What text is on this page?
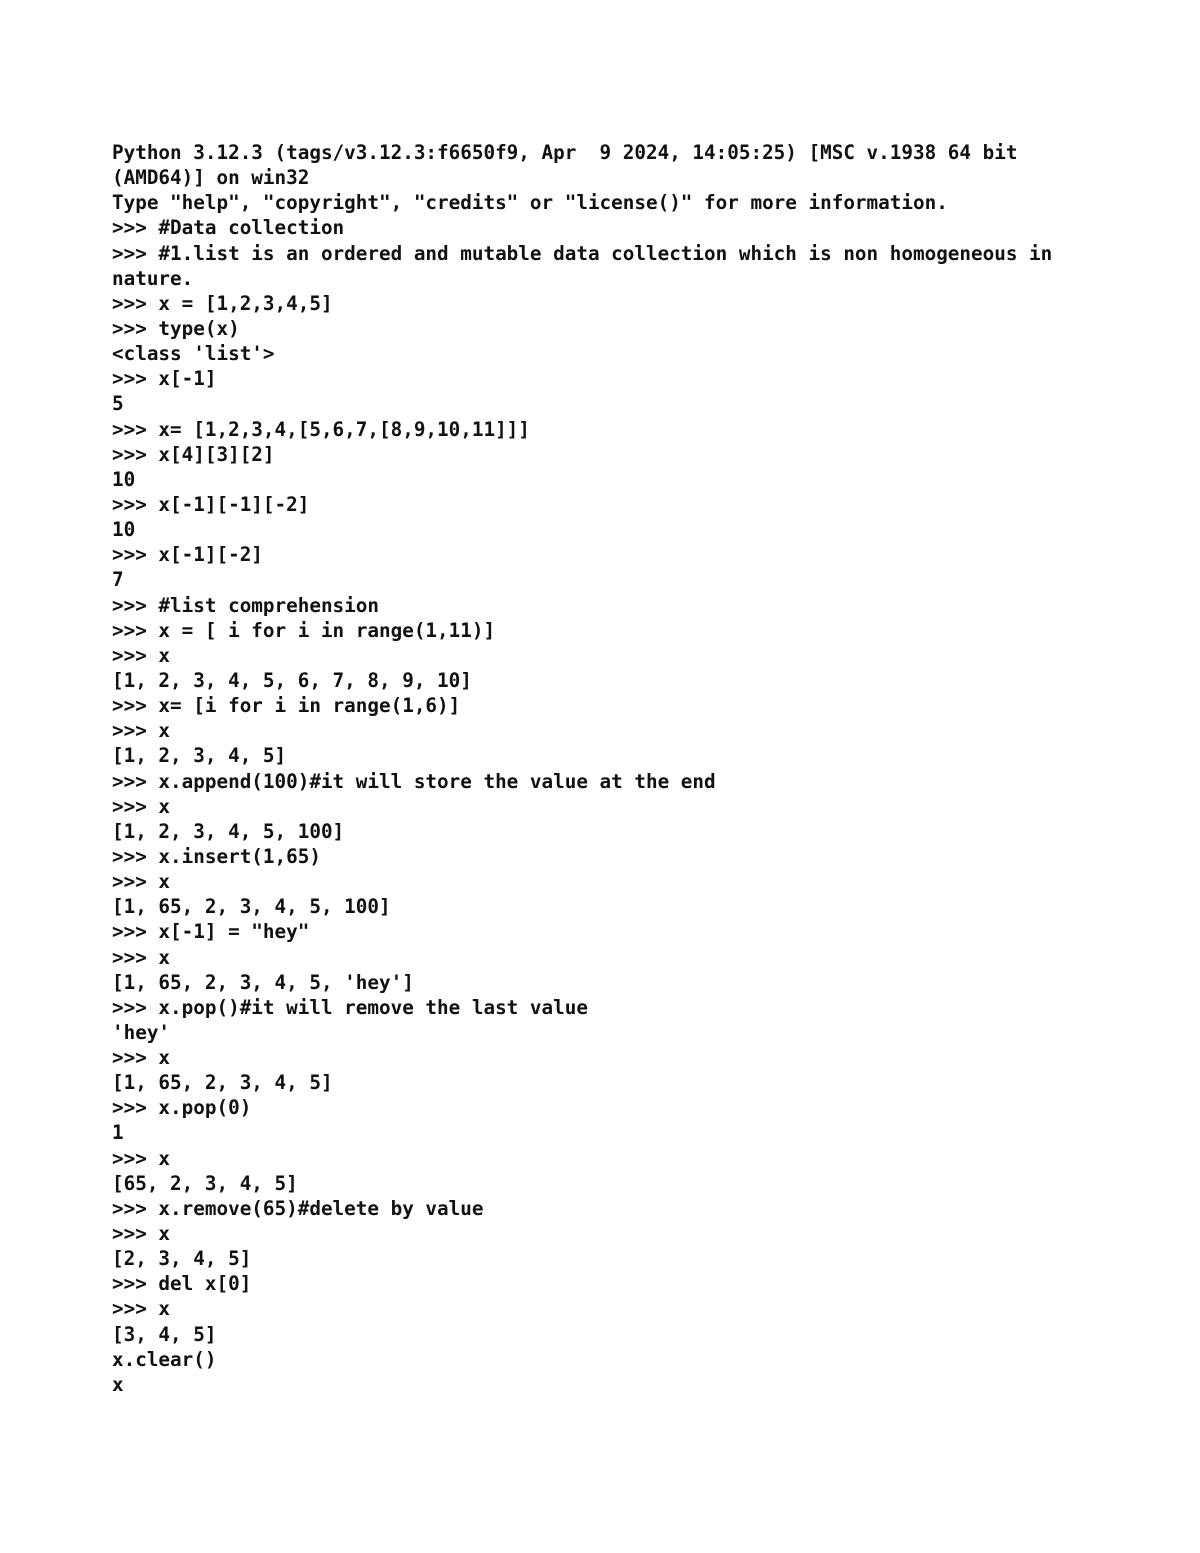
Python 3.12.3 (tags/v3.12.3:f6650f9, Apr  9 2024, 14:05:25) [MSC v.1938 64 bit
(AMD64)] on win32
Type "help", "copyright", "credits" or "license()" for more information.
>>> #Data collection
>>> #1.list is an ordered and mutable data collection which is non homogeneous in
nature.
>>> x = [1,2,3,4,5]
>>> type(x)
<class 'list'>
>>> x[-1]
5
>>> x= [1,2,3,4,[5,6,7,[8,9,10,11]]]
>>> x[4][3][2]
10
>>> x[-1][-1][-2]
10
>>> x[-1][-2]
7
>>> #list comprehension
>>> x = [ i for i in range(1,11)]
>>> x
[1, 2, 3, 4, 5, 6, 7, 8, 9, 10]
>>> x= [i for i in range(1,6)]
>>> x
[1, 2, 3, 4, 5]
>>> x.append(100)#it will store the value at the end
>>> x
[1, 2, 3, 4, 5, 100]
>>> x.insert(1,65)
>>> x
[1, 65, 2, 3, 4, 5, 100]
>>> x[-1] = "hey"
>>> x
[1, 65, 2, 3, 4, 5, 'hey']
>>> x.pop()#it will remove the last value
'hey'
>>> x
[1, 65, 2, 3, 4, 5]
>>> x.pop(0)
1
>>> x
[65, 2, 3, 4, 5]
>>> x.remove(65)#delete by value
>>> x
[2, 3, 4, 5]
>>> del x[0]
>>> x
[3, 4, 5]
x.clear()
x
